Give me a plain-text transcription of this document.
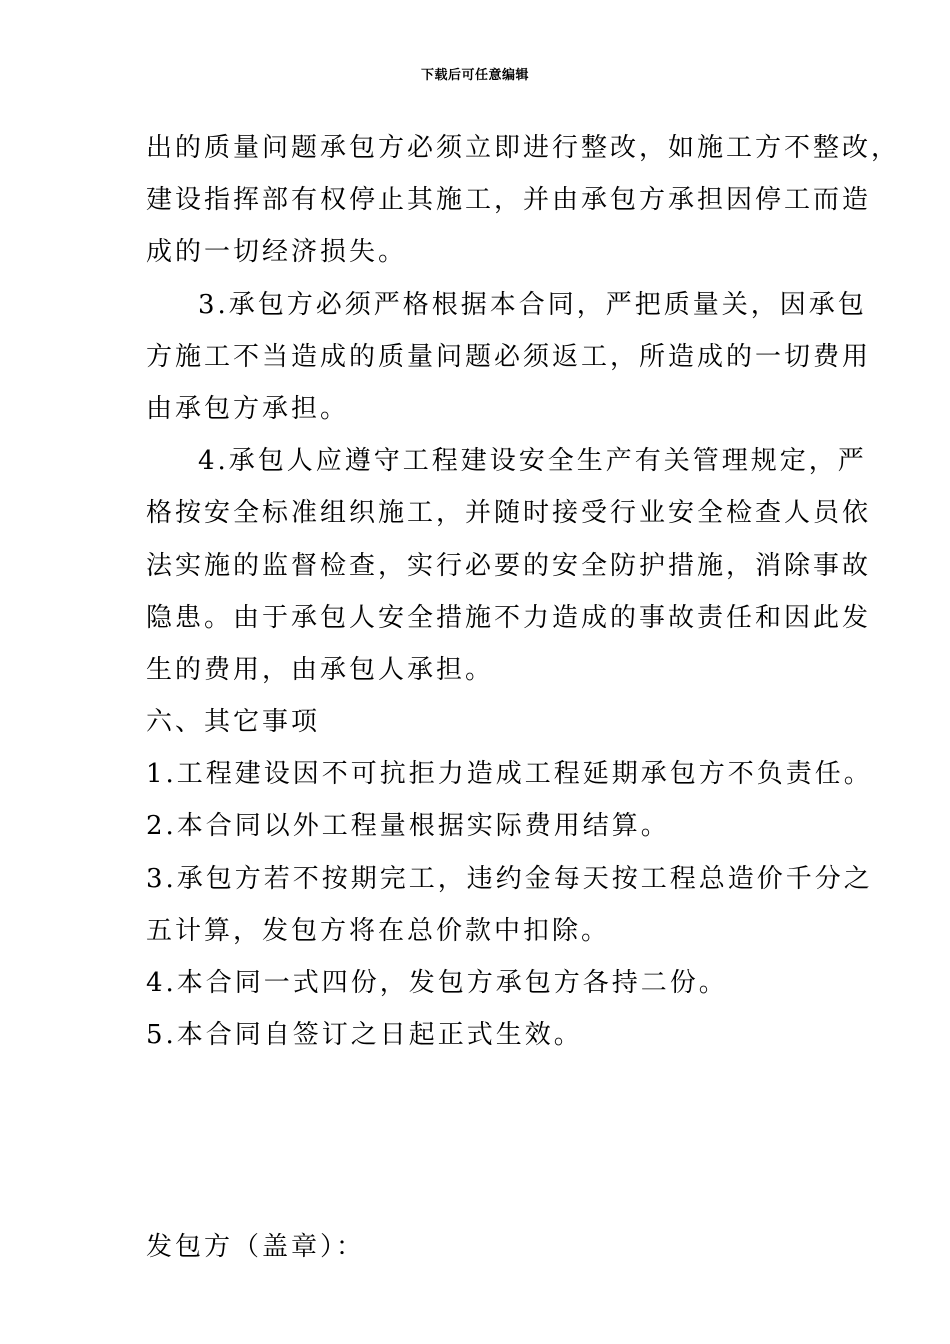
下载后可任意编辑
出的质量问题承包方必须立即进行整改，如施工方不整改，
建设指挥部有权停止其施工，并由承包方承担因停工而造
成的一切经济损失。
3.承包方必须严格根据本合同，严把质量关，因承包
方施工不当造成的质量问题必须返工，所造成的一切费用
由承包方承担。
4.承包人应遵守工程建设安全生产有关管理规定，严
格按安全标准组织施工，并随时接受行业安全检查人员依
法实施的监督检查，实行必要的安全防护措施，消除事故
隐患。由于承包人安全措施不力造成的事故责任和因此发
生的费用，由承包人承担。
六、其它事项
1.工程建设因不可抗拒力造成工程延期承包方不负责任。
2.本合同以外工程量根据实际费用结算。
3.承包方若不按期完工，违约金每天按工程总造价千分之
五计算，发包方将在总价款中扣除。
4.本合同一式四份，发包方承包方各持二份。
5.本合同自签订之日起正式生效。
发包方（盖章）：
